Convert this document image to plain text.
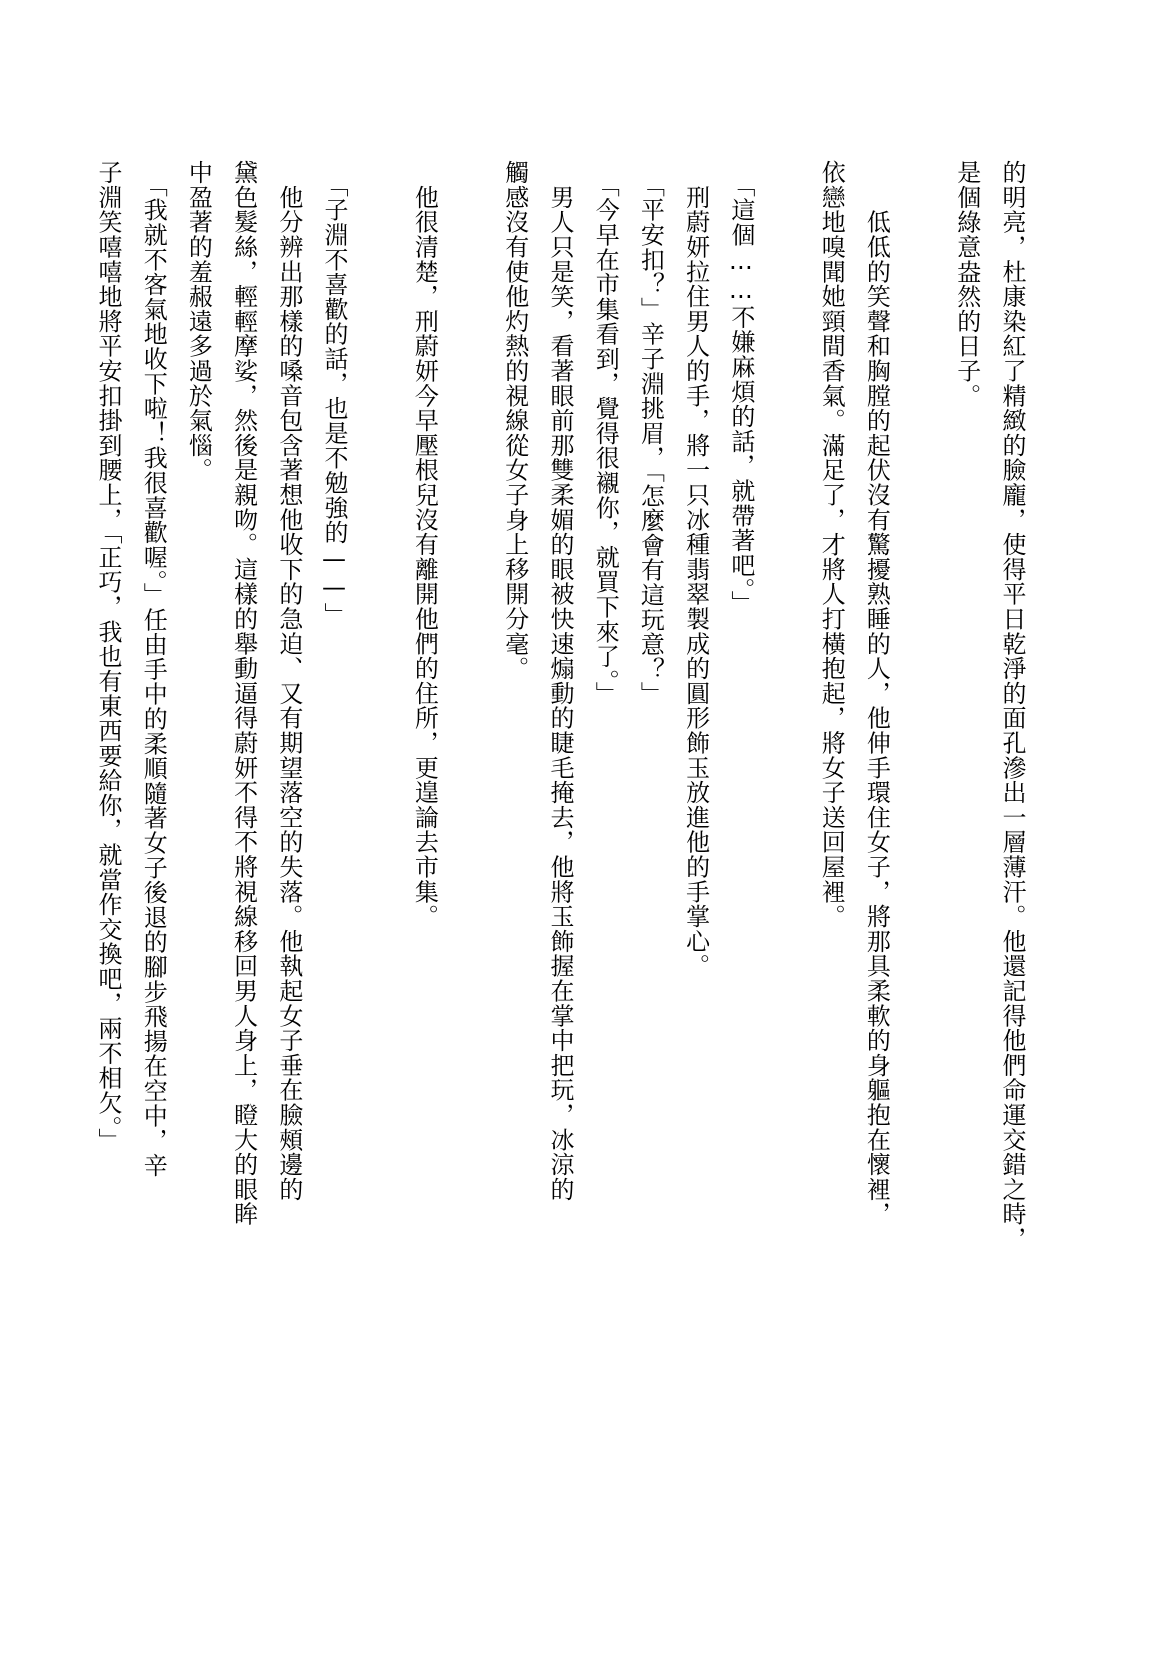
的明亮，杜康染紅了精緻的臉龐，使得平日乾淨的面孔滲出一層薄汗。他還記得他們命運交錯之時，

是個綠意盎然的日子。

　　低低的笑聲和胸膛的起伏沒有驚擾熟睡的人，他伸手環住女子，將那具柔軟的身軀抱在懷裡，

依戀地嗅聞她頸間香氣。滿足了，才將人打橫抱起，將女子送回屋裡。

　「這個……不嫌麻煩的話，就帶著吧。」

　刑蔚妍拉住男人的手，將一只冰種翡翠製成的圓形飾玉放進他的手掌心。

　「平安扣？」辛子淵挑眉，「怎麼會有這玩意？」

　「今早在市集看到，覺得很襯你，就買下來了。」

　男人只是笑，看著眼前那雙柔媚的眼被快速煽動的睫毛掩去，他將玉飾握在掌中把玩，冰涼的

觸感沒有使他灼熱的視線從女子身上移開分毫。

　他很清楚，刑蔚妍今早壓根兒沒有離開他們的住所，更遑論去市集。

　「子淵不喜歡的話，也是不勉強的——」

　他分辨出那樣的嗓音包含著想他收下的急迫、又有期望落空的失落。他執起女子垂在臉頰邊的

黛色髮絲，輕輕摩娑，然後是親吻。這樣的舉動逼得蔚妍不得不將視線移回男人身上，瞪大的眼眸

中盈著的羞赧遠多過於氣惱。

　「我就不客氣地收下啦！我很喜歡喔。」任由手中的柔順隨著女子後退的腳步飛揚在空中，辛

子淵笑嘻嘻地將平安扣掛到腰上，「正巧，我也有東西要給你，就當作交換吧，兩不相欠。」
